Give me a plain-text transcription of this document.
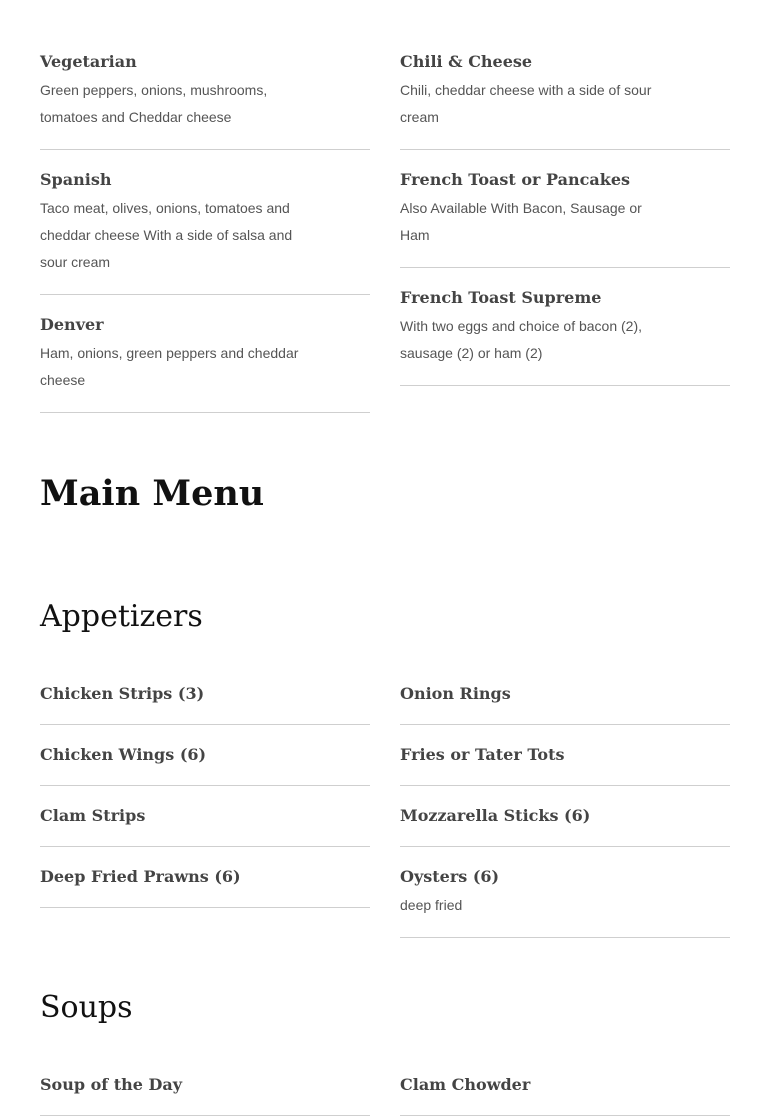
Vegetarian
Green peppers, onions, mushrooms, tomatoes and Cheddar cheese
Spanish
Taco meat, olives, onions, tomatoes and cheddar cheese With a side of salsa and sour cream
Denver
Ham, onions, green peppers and cheddar cheese
Chili & Cheese
Chili, cheddar cheese with a side of sour cream
French Toast or Pancakes
Also Available With Bacon, Sausage or Ham
French Toast Supreme
With two eggs and choice of bacon (2), sausage (2) or ham (2)
Main Menu
Appetizers
Chicken Strips (3)
Chicken Wings (6)
Clam Strips
Deep Fried Prawns (6)
Onion Rings
Fries or Tater Tots
Mozzarella Sticks (6)
Oysters (6)
deep fried
Soups
Soup of the Day	Clam Chowder
